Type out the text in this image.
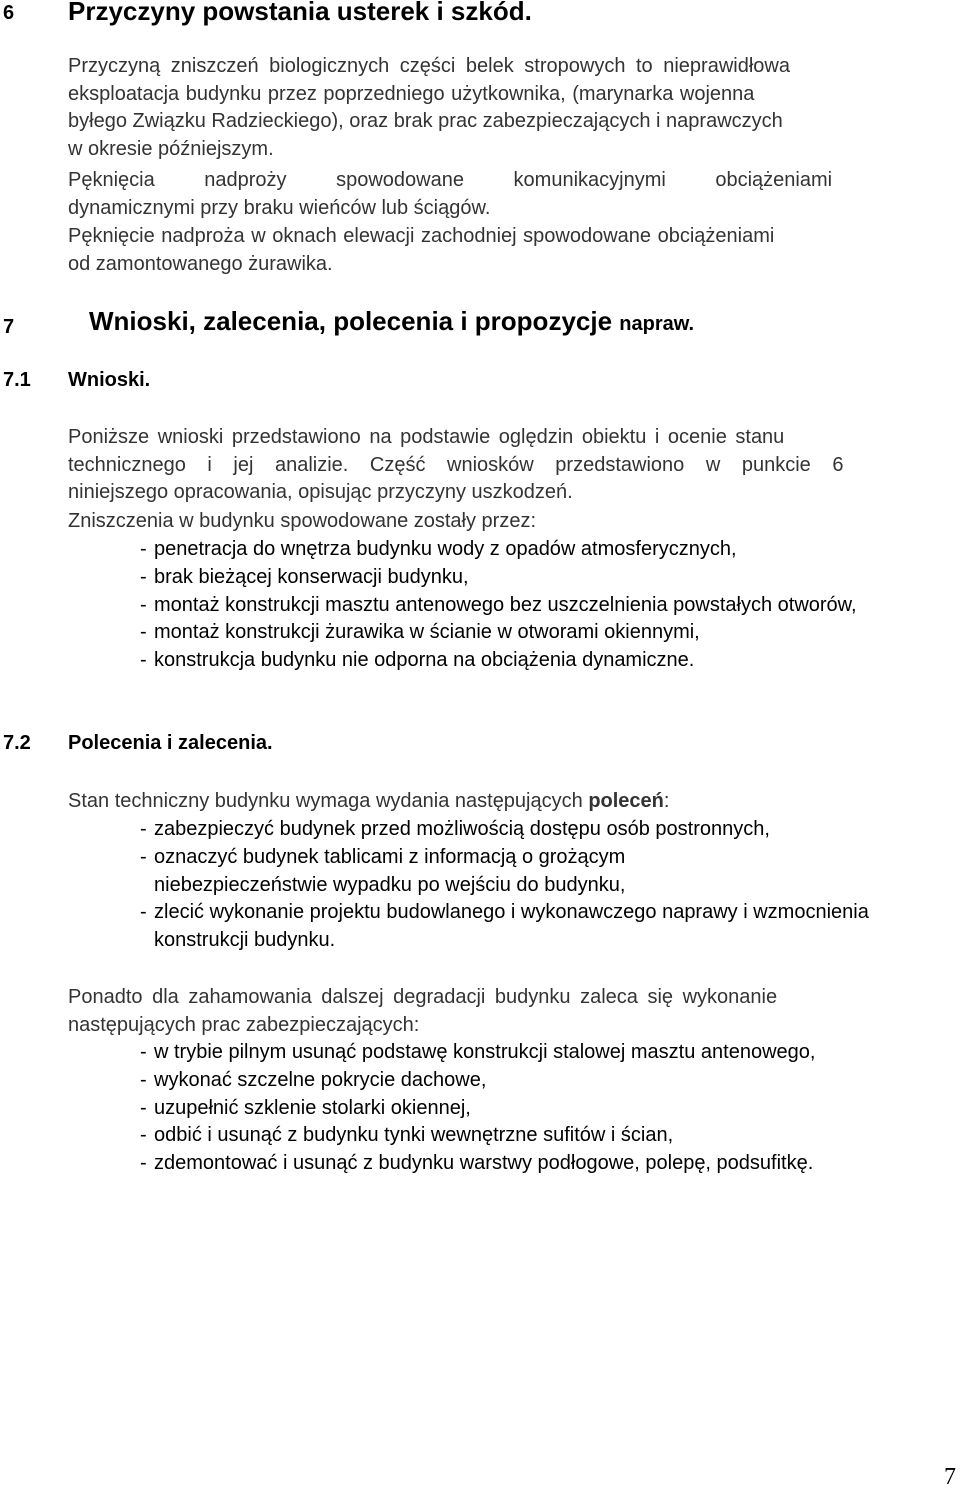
6 Przyczyny powstania usterek i szkód.
Przyczyną zniszczeń biologicznych części belek stropowych to nieprawidłowa
eksploatacja budynku przez poprzedniego użytkownika, (marynarka wojenna
byłego Związku Radzieckiego), oraz brak prac zabezpieczających i naprawczych
w okresie późniejszym.
Pęknięcia nadproży spowodowane komunikacyjnymi obciążeniami
dynamicznymi przy braku wieńców lub ściągów.
Pęknięcie nadproża w oknach elewacji zachodniej spowodowane obciążeniami
od zamontowanego żurawika.
7	Wnioski, zalecenia, polecenia i propozycje napraw.
7.1 Wnioski.
Poniższe wnioski przedstawiono na podstawie oględzin obiektu i ocenie stanu
technicznego i jej analizie. Część wniosków przedstawiono w punkcie 6
niniejszego opracowania, opisując przyczyny uszkodzeń.
Zniszczenia w budynku spowodowane zostały przez:
- penetracja do wnętrza budynku wody z opadów atmosferycznych,
- brak bieżącej konserwacji budynku,
- montaż konstrukcji masztu antenowego bez uszczelnienia powstałych otworów,
- montaż konstrukcji żurawika w ścianie w otworami okiennymi,
- konstrukcja budynku nie odporna na obciążenia dynamiczne.
7.2 Polecenia i zalecenia.
Stan techniczny budynku wymaga wydania następujących poleceń:
- zabezpieczyć budynek przed możliwością dostępu osób postronnych,
- oznaczyć budynek tablicami z informacją o grożącym niebezpieczeństwie wypadku po wejściu do budynku,
- zlecić wykonanie projektu budowlanego i wykonawczego naprawy i wzmocnienia konstrukcji budynku.
Ponadto dla zahamowania dalszej degradacji budynku zaleca się wykonanie
następujących prac zabezpieczających:
- w trybie pilnym usunąć podstawę konstrukcji stalowej masztu antenowego,
- wykonać szczelne pokrycie dachowe,
- uzupełnić szklenie stolarki okiennej,
- odbić i usunąć z budynku tynki wewnętrzne sufitów i ścian,
- zdemontować i usunąć z budynku warstwy podłogowe, polepę, podsufitkę.
7
